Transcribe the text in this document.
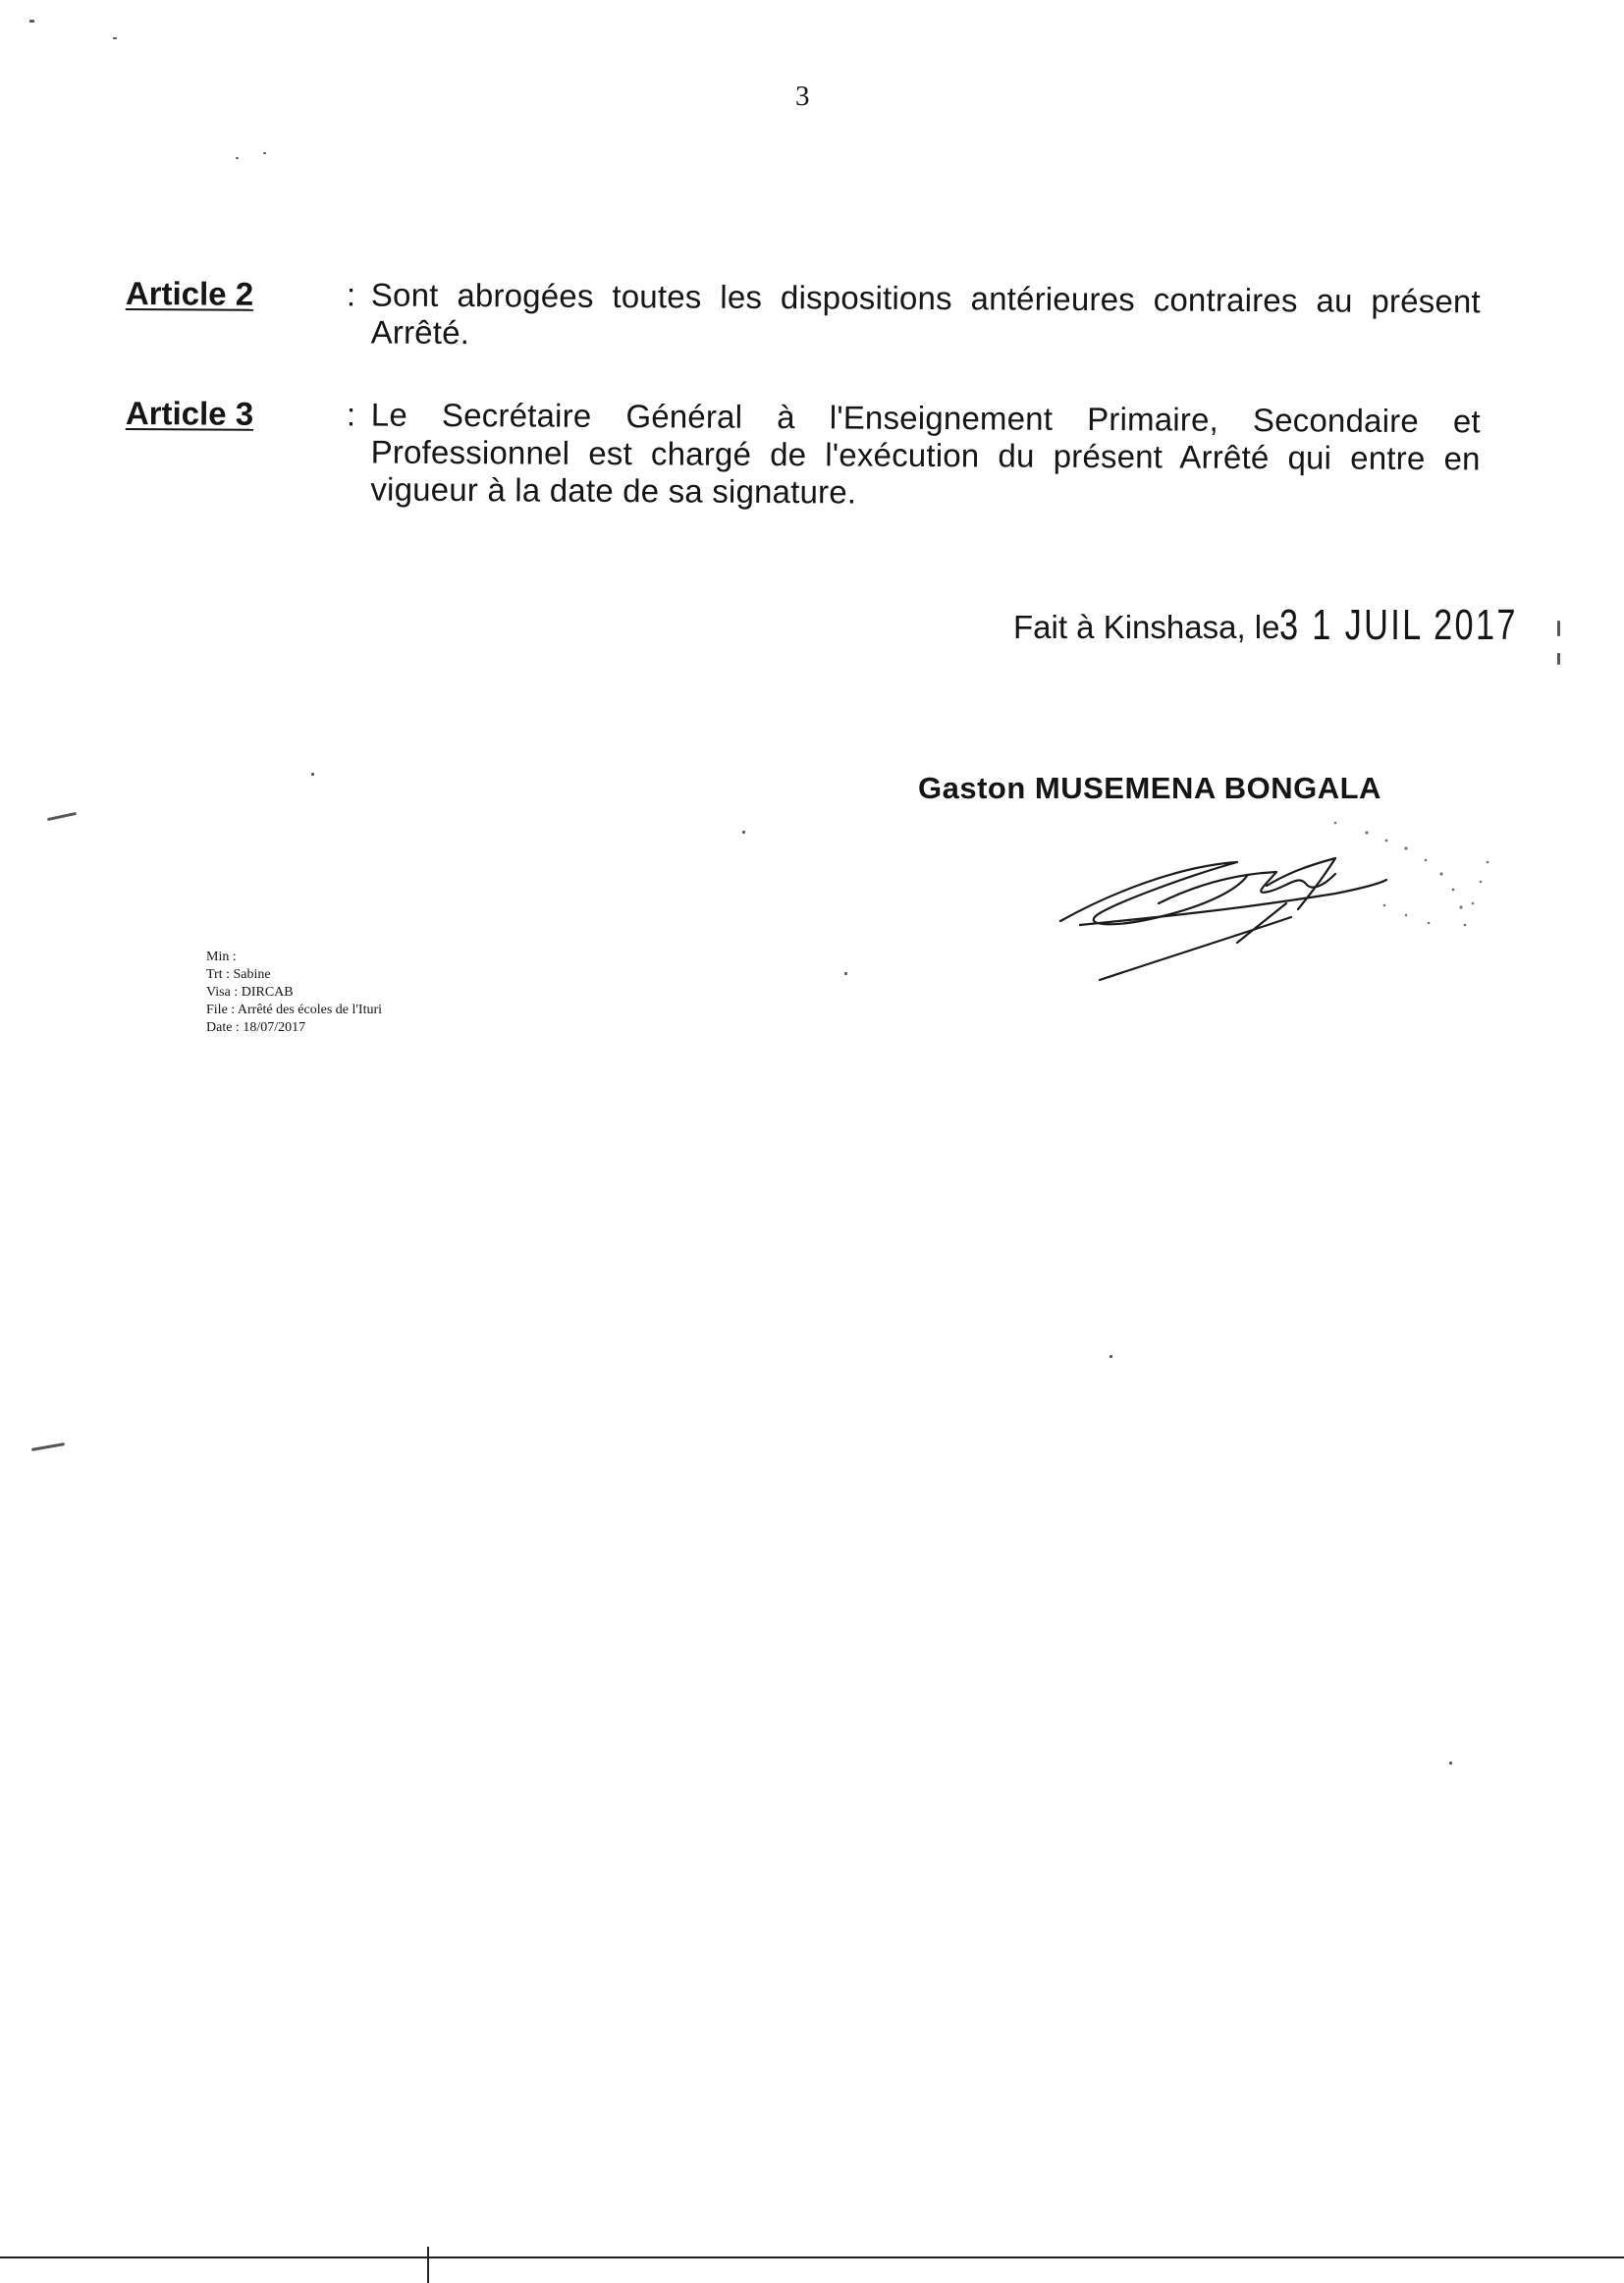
3
Article 2	: Sont abrogées toutes les dispositions antérieures contraires au présent Arrêté.
Article 3	: Le Secrétaire Général à l'Enseignement Primaire, Secondaire et Professionnel est chargé de l'exécution du présent Arrêté qui entre en vigueur à la date de sa signature.
Fait à Kinshasa, le 3 1 JUIL 2017
Gaston MUSEMENA BONGALA
Min :
Trt : Sabine
Visa : DIRCAB
File : Arrêté des écoles de l'Ituri
Date : 18/07/2017
